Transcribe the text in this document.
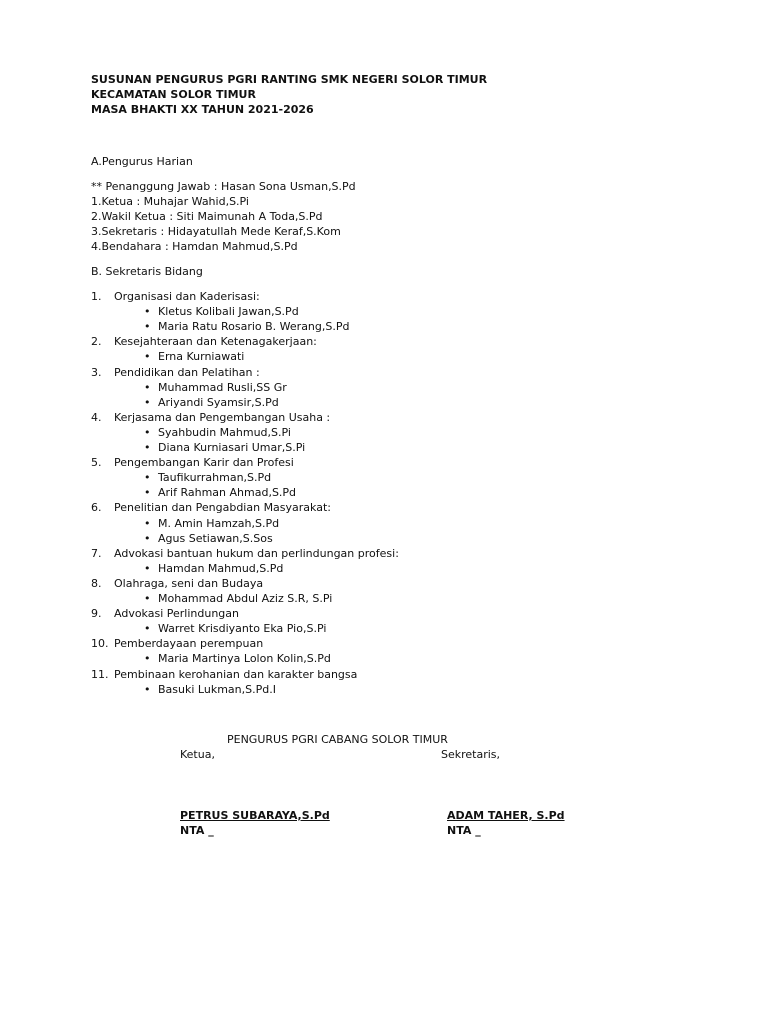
SUSUNAN PENGURUS PGRI RANTING SMK NEGERI SOLOR TIMUR
KECAMATAN SOLOR TIMUR
MASA BHAKTI XX TAHUN 2021-2026
A.Pengurus Harian
** Penanggung Jawab : Hasan Sona Usman,S.Pd
1.Ketua : Muhajar Wahid,S.Pi
2.Wakil Ketua : Siti Maimunah A Toda,S.Pd
3.Sekretaris : Hidayatullah Mede Keraf,S.Kom
4.Bendahara : Hamdan Mahmud,S.Pd
B. Sekretaris Bidang
1. Organisasi dan Kaderisasi:
• Kletus Kolibali Jawan,S.Pd
• Maria Ratu Rosario B. Werang,S.Pd
2. Kesejahteraan dan Ketenagakerjaan:
• Erna Kurniawati
3. Pendidikan dan Pelatihan :
• Muhammad Rusli,SS Gr
• Ariyandi Syamsir,S.Pd
4. Kerjasama dan Pengembangan Usaha :
• Syahbudin Mahmud,S.Pi
• Diana Kurniasari Umar,S.Pi
5. Pengembangan Karir dan Profesi
• Taufikurrahman,S.Pd
• Arif Rahman Ahmad,S.Pd
6. Penelitian dan Pengabdian Masyarakat:
• M. Amin Hamzah,S.Pd
• Agus Setiawan,S.Sos
7. Advokasi bantuan hukum dan perlindungan profesi:
• Hamdan Mahmud,S.Pd
8. Olahraga, seni dan Budaya
• Mohammad Abdul Aziz S.R, S.Pi
9. Advokasi Perlindungan
• Warret Krisdiyanto Eka Pio,S.Pi
10. Pemberdayaan perempuan
• Maria Martinya Lolon Kolin,S.Pd
11. Pembinaan kerohanian dan karakter bangsa
• Basuki Lukman,S.Pd.I
PENGURUS PGRI CABANG SOLOR TIMUR
Ketua,	Sekretaris,
PETRUS SUBARAYA,S.Pd	ADAM TAHER, S.Pd
NTA _	NTA _
